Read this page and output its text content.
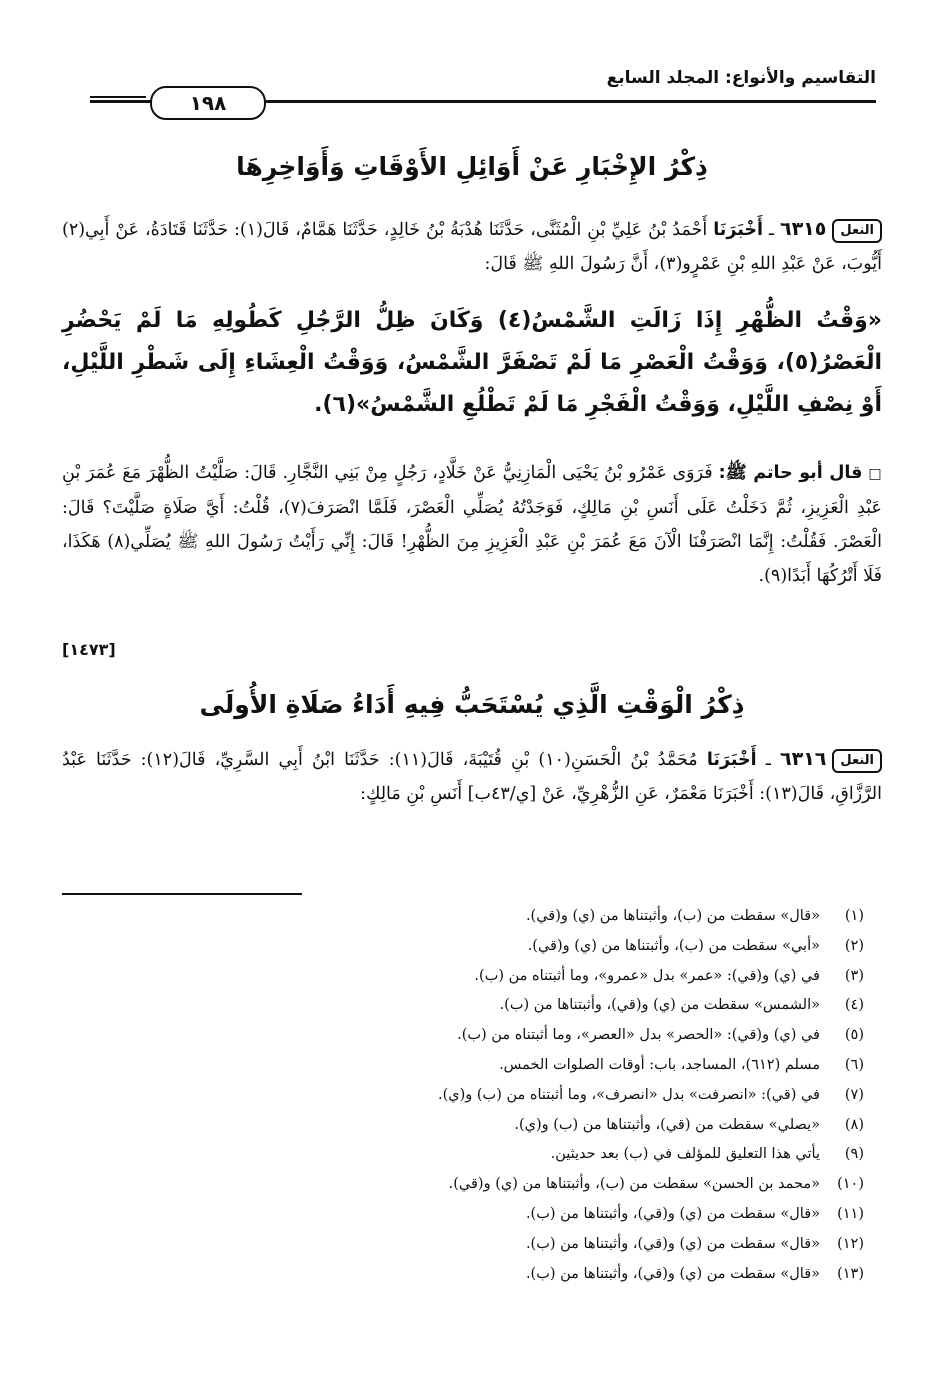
التقاسيم والأنواع: المجلد السابع
١٩٨
ذِكْرُ الإِخْبَارِ عَنْ أَوَائِلِ الأَوْقَاتِ وَأَوَاخِرِهَا
النعل٦٣١٥ ـ أَخْبَرَنَا أَحْمَدُ بْنُ عَلِيِّ بْنِ الْمُثَنَّى، حَدَّثَنَا هُدْبَةُ بْنُ خَالِدٍ، حَدَّثَنَا هَمَّامٌ، قَالَ(١): حَدَّثَنَا قَتَادَةُ، عَنْ أَبِي(٢) أَيُّوبَ، عَنْ عَبْدِ اللهِ بْنِ عَمْرٍو(٣)، أَنَّ رَسُولَ اللهِ ﷺ قَالَ:
«وَقْتُ الظُّهْرِ إِذَا زَالَتِ الشَّمْسُ(٤) وَكَانَ ظِلُّ الرَّجُلِ كَطُولِهِ مَا لَمْ يَحْضُرِ الْعَصْرُ(٥)، وَوَقْتُ الْعَصْرِ مَا لَمْ تَصْفَرَّ الشَّمْسُ، وَوَقْتُ الْعِشَاءِ إِلَى شَطْرِ اللَّيْلِ، أَوْ نِصْفِ اللَّيْلِ، وَوَقْتُ الْفَجْرِ مَا لَمْ تَطْلُعِ الشَّمْسُ»(٦).
□ قال أبو حاتم ﷺ: فَرَوَى عَمْرُو بْنُ يَحْيَى الْمَازِنِيُّ عَنْ خَلَّادٍ، رَجُلٍ مِنْ بَنِي النَّجَّارِ. قَالَ: صَلَّيْتُ الظُّهْرَ مَعَ عُمَرَ بْنِ عَبْدِ الْعَزِيزِ، ثُمَّ دَخَلْتُ عَلَى أَنَسِ بْنِ مَالِكٍ، فَوَجَدْتُهُ يُصَلِّي الْعَصْرَ، فَلَمَّا انْصَرَفَ(٧)، قُلْتُ: أَيَّ صَلَاةٍ صَلَّيْتَ؟ قَالَ: الْعَصْرَ. فَقُلْتُ: إِنَّمَا انْصَرَفْنَا الْآنَ مَعَ عُمَرَ بْنِ عَبْدِ الْعَزِيزِ مِنَ الظُّهْرِ! قَالَ: إِنِّي رَأَيْتُ رَسُولَ اللهِ ﷺ يُصَلِّي(٨) هَكَذَا، فَلَا أَتْرُكُهَا أَبَدًا(٩).
[١٤٧٣]
ذِكْرُ الْوَقْتِ الَّذِي يُسْتَحَبُّ فِيهِ أَدَاءُ صَلَاةِ الأُولَى
النعل٦٣١٦ ـ أَخْبَرَنَا مُحَمَّدُ بْنُ الْحَسَنِ(١٠) بْنِ قُتَيْبَةَ، قَالَ(١١): حَدَّثَنَا ابْنُ أَبِي السَّرِيِّ، قَالَ(١٢): حَدَّثَنَا عَبْدُ الرَّزَّاقِ، قَالَ(١٣): أَخْبَرَنَا مَعْمَرٌ، عَنِ الزُّهْرِيِّ، عَنْ [ي/٤٣ب] أَنَسِ بْنِ مَالِكٍ:
(١)«قال» سقطت من (ب)، وأثبتناها من (ي) و(قي).
(٢)«أبي» سقطت من (ب)، وأثبتناها من (ي) و(قي).
(٣)في (ي) و(قي): «عمر» بدل «عمرو»، وما أثبتناه من (ب).
(٤)«الشمس» سقطت من (ي) و(قي)، وأثبتناها من (ب).
(٥)في (ي) و(قي): «الحصر» بدل «العصر»، وما أثبتناه من (ب).
(٦)مسلم (٦١٢)، المساجد، باب: أوقات الصلوات الخمس.
(٧)في (قي): «انصرفت» بدل «انصرف»، وما أثبتناه من (ب) و(ي).
(٨)«يصلي» سقطت من (قي)، وأثبتناها من (ب) و(ي).
(٩)يأتي هذا التعليق للمؤلف في (ب) بعد حديثين.
(١٠)«محمد بن الحسن» سقطت من (ب)، وأثبتناها من (ي) و(قي).
(١١)«قال» سقطت من (ي) و(قي)، وأثبتناها من (ب).
(١٢)«قال» سقطت من (ي) و(قي)، وأثبتناها من (ب).
(١٣)«قال» سقطت من (ي) و(قي)، وأثبتناها من (ب).
